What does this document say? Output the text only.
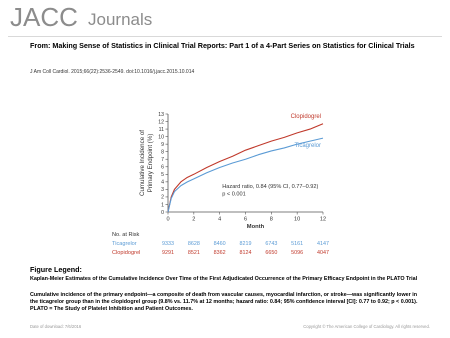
JACC Journals
From: Making Sense of Statistics in Clinical Trial Reports: Part 1 of a 4-Part Series on Statistics for Clinical Trials
J Am Coll Cardiol. 2015;66(22):2536-2549. doi:10.1016/j.jacc.2015.10.014
Cumulative Incidence of Primary Endpoint (%)
0
1
2
3
4
5
6
7
8
9
10
11
12
13
0	2	4	6	8	10	12
Clopidogrel
Ticagrelor
Month
Hazard ratio, 0.84 (95% CI, 0.77–0.92)
p < 0.001
No. at Risk
Ticagrelor	9333	8628	8460	8219	6743	5161	4147
Clopidogrel	9291	8521	8362	8124	6650	5096	4047
Figure Legend:
Kaplan-Meier Estimates of the Cumulative Incidence Over Time of the First Adjudicated Occurrence of the Primary Efficacy Endpoint in the PLATO Trial
Cumulative incidence of the primary endpoint—a composite of death from vascular causes, myocardial infarction, or stroke—was significantly lower in the ticagrelor group than in the clopidogrel group (9.8% vs. 11.7% at 12 months; hazard ratio: 0.84; 95% confidence interval [CI]: 0.77 to 0.92; p < 0.001). PLATO = The Study of Platelet Inhibition and Patient Outcomes.
Date of download: 7/6/2016	Copyright © The American College of Cardiology. All rights reserved.
